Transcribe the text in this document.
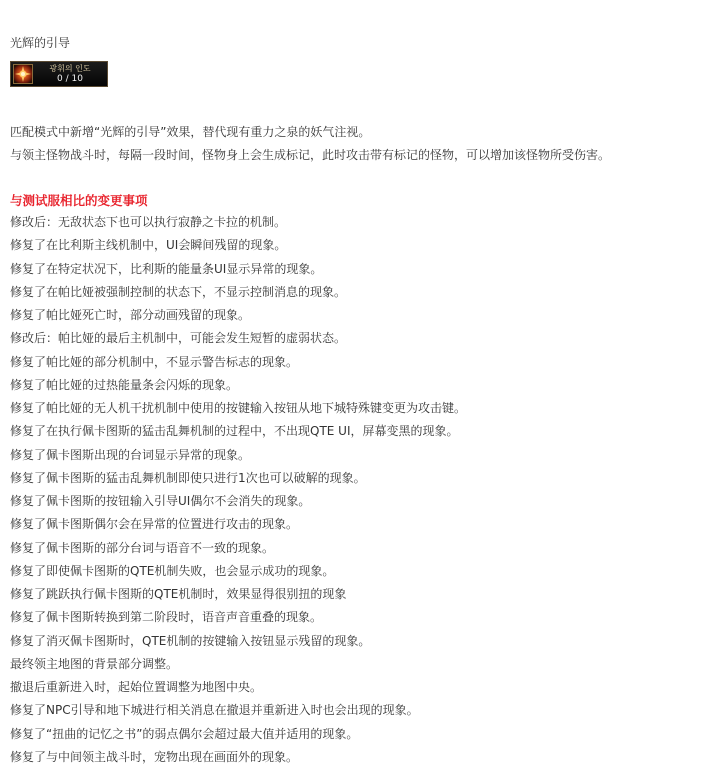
光辉的引导
광휘의 인도
0 / 10
匹配模式中新增“光辉的引导”效果，替代现有重力之泉的妖气注视。
与领主怪物战斗时，每隔一段时间，怪物身上会生成标记，此时攻击带有标记的怪物，可以增加该怪物所受伤害。
与测试服相比的变更事项
修改后：无敌状态下也可以执行寂静之卡拉的机制。
修复了在比利斯主线机制中，UI会瞬间残留的现象。
修复了在特定状况下，比利斯的能量条UI显示异常的现象。
修复了在帕比娅被强制控制的状态下，不显示控制消息的现象。
修复了帕比娅死亡时，部分动画残留的现象。
修改后：帕比娅的最后主机制中，可能会发生短暂的虚弱状态。
修复了帕比娅的部分机制中，不显示警告标志的现象。
修复了帕比娅的过热能量条会闪烁的现象。
修复了帕比娅的无人机干扰机制中使用的按键输入按钮从地下城特殊键变更为攻击键。
修复了在执行佩卡图斯的猛击乱舞机制的过程中，不出现QTE UI，屏幕变黑的现象。
修复了佩卡图斯出现的台词显示异常的现象。
修复了佩卡图斯的猛击乱舞机制即使只进行1次也可以破解的现象。
修复了佩卡图斯的按钮输入引导UI偶尔不会消失的现象。
修复了佩卡图斯偶尔会在异常的位置进行攻击的现象。
修复了佩卡图斯的部分台词与语音不一致的现象。
修复了即使佩卡图斯的QTE机制失败，也会显示成功的现象。
修复了跳跃执行佩卡图斯的QTE机制时，效果显得很别扭的现象
修复了佩卡图斯转换到第二阶段时，语音声音重叠的现象。
修复了消灭佩卡图斯时，QTE机制的按键输入按钮显示残留的现象。
最终领主地图的背景部分调整。
撤退后重新进入时，起始位置调整为地图中央。
修复了NPC引导和地下城进行相关消息在撤退并重新进入时也会出现的现象。
修复了“扭曲的记忆之书”的弱点偶尔会超过最大值并适用的现象。
修复了与中间领主战斗时，宠物出现在画面外的现象。
